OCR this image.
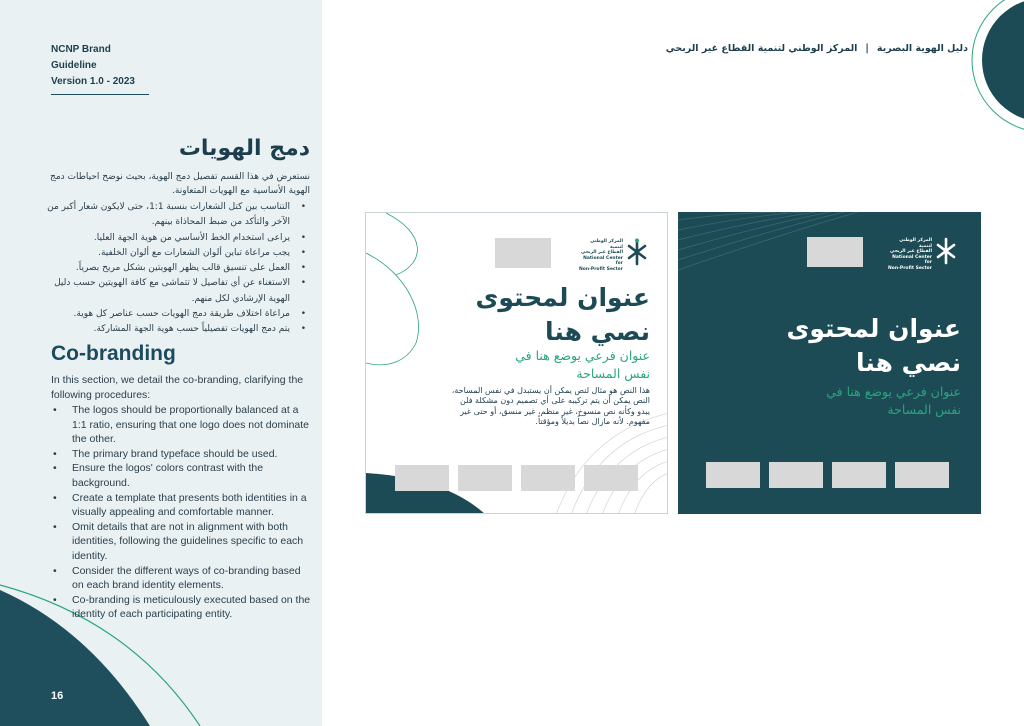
NCNP Brand Guideline
Version 1.0 - 2023
دمج الهويات
نستعرض في هذا القسم تفصيل دمج الهوية، بحيث نوضح احياطات دمج الهوية الأساسية مع الهويات المتعاونة.
• التناسب بين كتل الشعارات بنسبة 1:1، حتى لايكون شعار أكبر من الآخر والتأكد من ضبط المحاذاة بينهم.
• يراعى استخدام الخط الأساسي من هوية الجهة العليا.
• يجب مراعاة تباين ألوان الشعارات مع ألوان الخلفية.
• العمل على تنسيق قالب يظهر الهويتين بشكل مريح بصرياً.
• الاستغناء عن أي تفاصيل لا تتماشى مع كافة الهويتين حسب دليل الهوية الإرشادي لكل منهم.
• مراعاة اختلاف طريقة دمج الهويات حسب عناصر كل هوية.
• يتم دمج الهويات تفصيلياً حسب هوية الجهة المشاركة.
Co-branding
In this section, we detail the co-branding, clarifying the following procedures:
• The logos should be proportionally balanced at a 1:1 ratio, ensuring that one logo does not dominate the other.
• The primary brand typeface should be used.
• Ensure the logos' colors contrast with the background.
• Create a template that presents both identities in a visually appealing and comfortable manner.
• Omit details that are not in alignment with both identities, following the guidelines specific to each identity.
• Consider the different ways of co-branding based on each brand identity elements.
• Co-branding is meticulously executed based on the identity of each participating entity.
16
دليل الهوية البصرية|المركز الوطني لتنمية القطاع غير الربحي
المركز الوطني لتنمية
القطاع غير الربحي
National Center for
Non-Profit Sector
عنوان لمحتوى
نصي هنا
عنوان فرعي يوضع هنا في
نفس المساحة
هذا النص هو مثال لنص يمكن أن يستبدل في نفس المساحة، النص يمكن أن يتم تركيبه على أي تصميم دون مشكلة فلن يبدو وكأنه نص منسوخ، غير منظم، غير منسق، أو حتى غير مفهوم. لأنه مازال نصاً بديلاً ومؤقتاً.
المركز الوطني لتنمية
القطاع غير الربحي
National Center for
Non-Profit Sector
عنوان لمحتوى
نصي هنا
عنوان فرعي يوضع هنا في
نفس المساحة
